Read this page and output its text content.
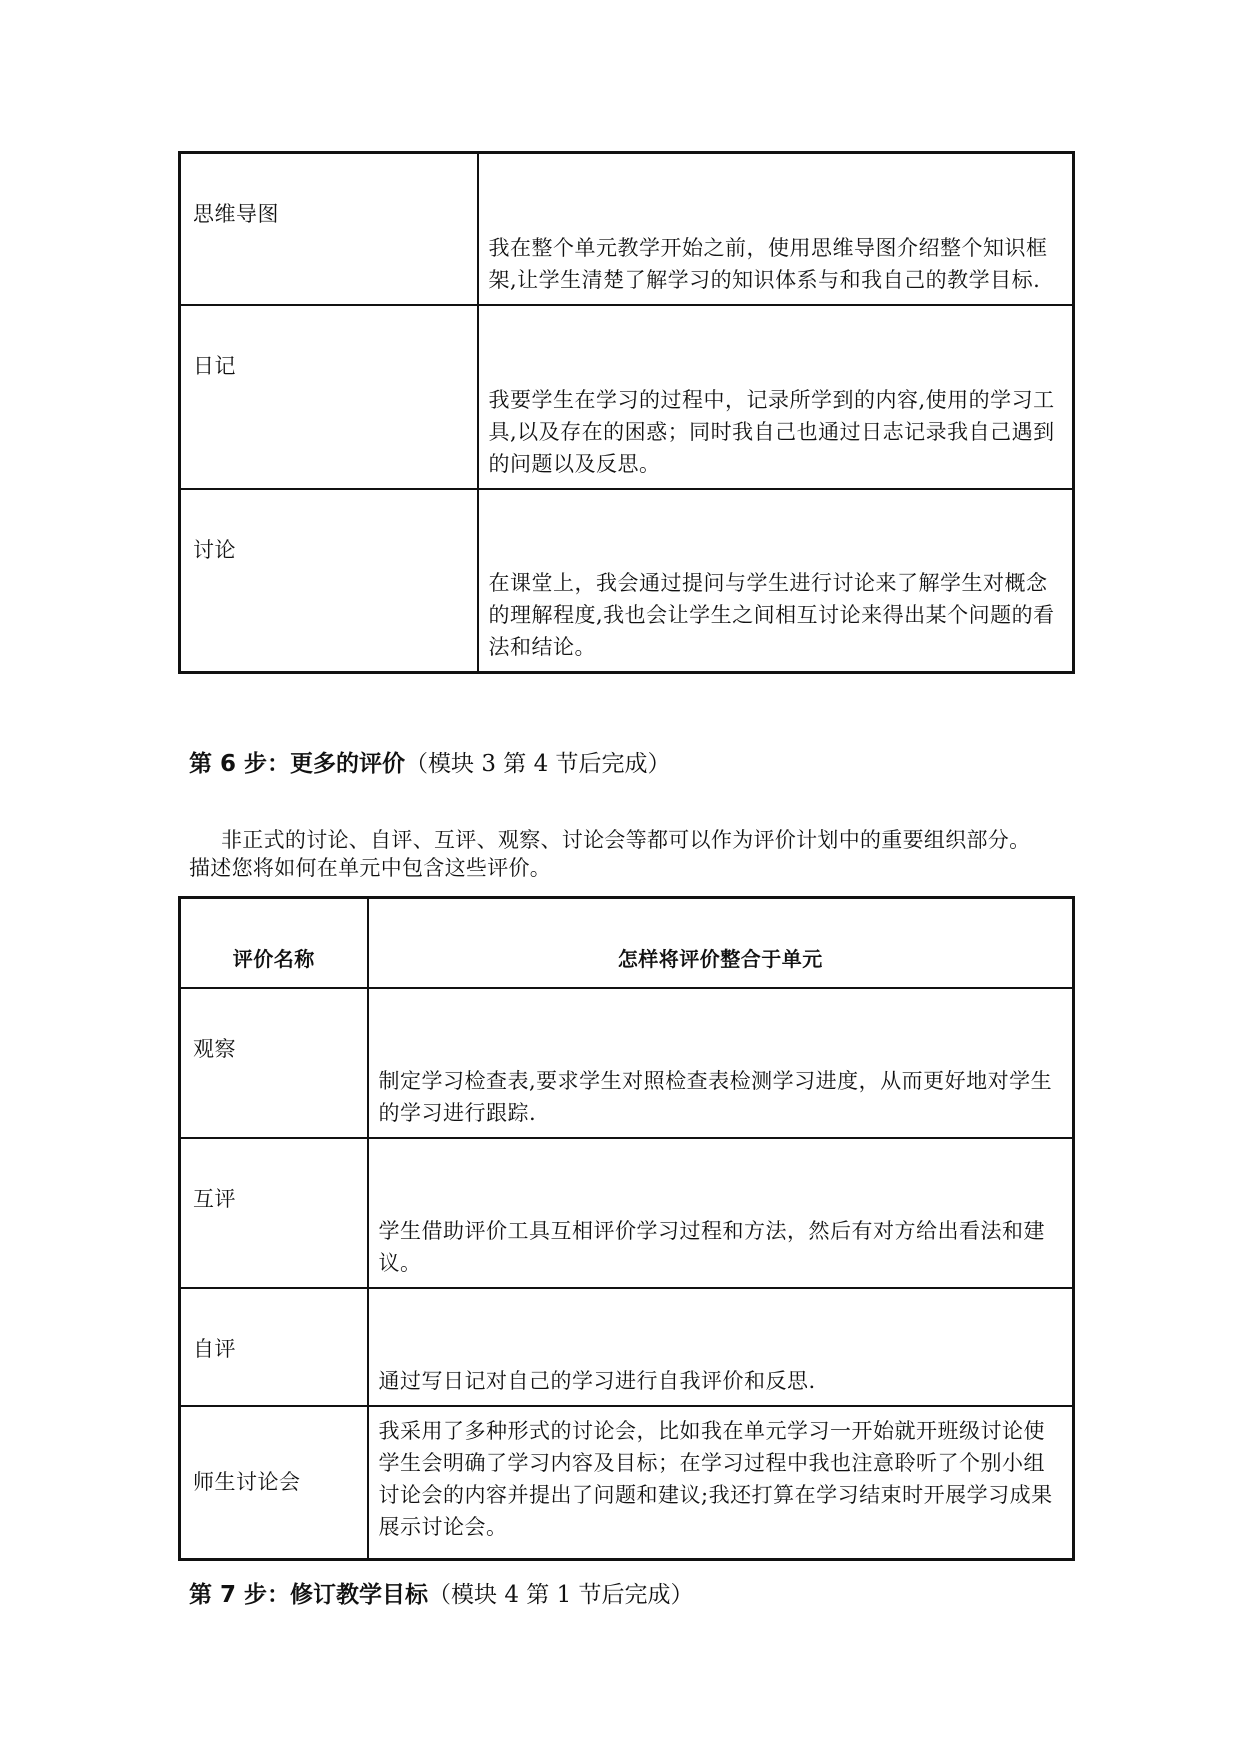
思维导图	我在整个单元教学开始之前，使用思维导图介绍整个知识框架,让学生清楚了解学习的知识体系与和我自己的教学目标.
日记	我要学生在学习的过程中，记录所学到的内容,使用的学习工具,以及存在的困惑；同时我自己也通过日志记录我自己遇到的问题以及反思。
讨论	在课堂上，我会通过提问与学生进行讨论来了解学生对概念的理解程度,我也会让学生之间相互讨论来得出某个问题的看法和结论。
第 6 步：更多的评价（模块 3 第 4 节后完成）

非正式的讨论、自评、互评、观察、讨论会等都可以作为评价计划中的重要组织部分。
描述您将如何在单元中包含这些评价。

评价名称	怎样将评价整合于单元
观察	制定学习检查表,要求学生对照检查表检测学习进度，从而更好地对学生的学习进行跟踪.
互评	学生借助评价工具互相评价学习过程和方法，然后有对方给出看法和建议。
自评	通过写日记对自己的学习进行自我评价和反思.
师生讨论会	我采用了多种形式的讨论会，比如我在单元学习一开始就开班级讨论使学生会明确了学习内容及目标；在学习过程中我也注意聆听了个别小组讨论会的内容并提出了问题和建议;我还打算在学习结束时开展学习成果展示讨论会。
第 7 步：修订教学目标（模块 4 第 1 节后完成）
